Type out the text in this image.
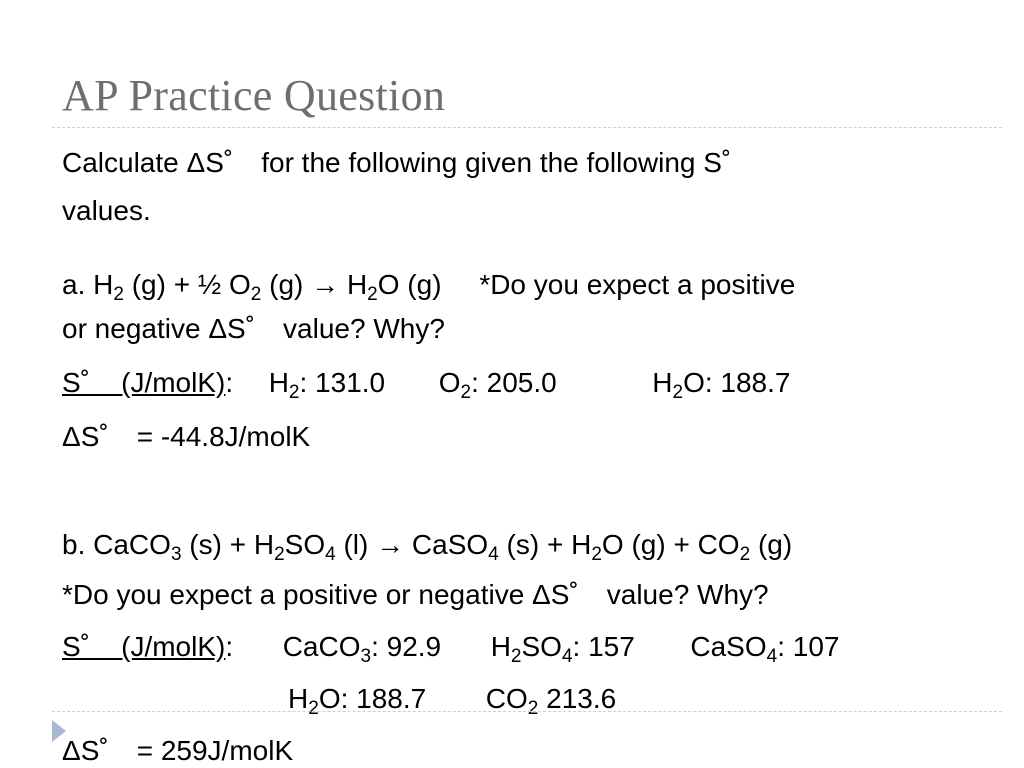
AP Practice Question
Calculate ΔS˚ for the following given the following S˚
values.
a. $H_2$ (g) + ½ $O_2$ $(g) \to H_2O$ (g) *Do you expect a positive
or negative ΔS˚ value? Why?
S˚    (J/molK): $H_2$: 131.0 $O_2$: 205.0	$H_2O$: 188.7
ΔS˚ = -44.8J/molK
b. CaCO$_3$ $(s) + H_2SO_4$ (l) → CaSO$_4$ $(s) + H_2O$ $(g) + CO_2$ (g)
*Do you expect a positive or negative ΔS˚ value? Why?
S˚    (J/molK): CaCO$_3$: 92.9 $H_2SO_4$: 157 CaSO$_4$: 107
$H_2O$: 188.7 $CO_2$ 213.6
ΔS˚ = 259J/molK
